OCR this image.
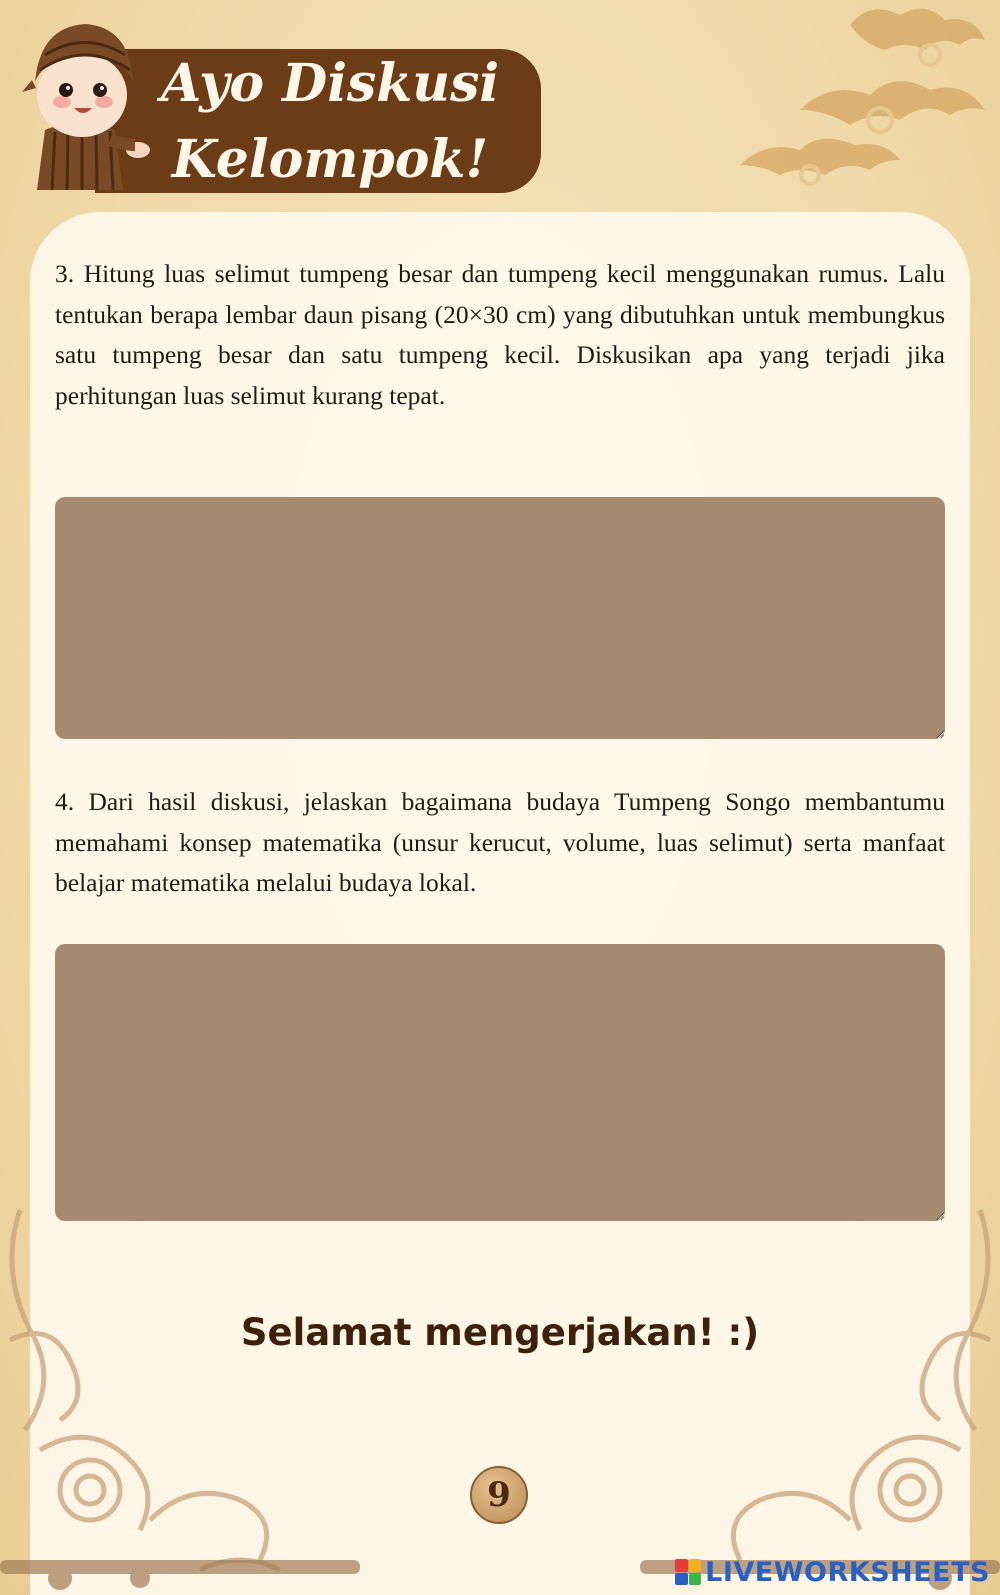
Ayo Diskusi
Kelompok!

3. Hitung luas selimut tumpeng besar dan tumpeng kecil menggunakan rumus. Lalu tentukan berapa lembar daun pisang (20×30 cm) yang dibutuhkan untuk membungkus satu tumpeng besar dan satu tumpeng kecil. Diskusikan apa yang terjadi jika perhitungan luas selimut kurang tepat.

4. Dari hasil diskusi, jelaskan bagaimana budaya Tumpeng Songo membantumu memahami konsep matematika (unsur kerucut, volume, luas selimut) serta manfaat belajar matematika melalui budaya lokal.

Selamat mengerjakan! :)

9
LIVEWORKSHEETS
